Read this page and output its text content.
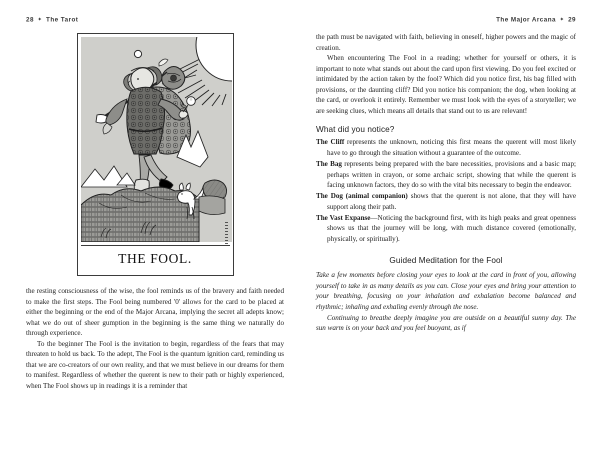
28 ✦ The Tarot
THE FOOL.

the resting consciousness of the wise, the fool reminds us of the bravery and faith needed to make the first steps. The Fool being numbered '0' allows for the card to be placed at either the beginning or the end of the Major Arcana, implying the secret all adepts know; what we do out of sheer gumption in the beginning is the same thing we naturally do through experience.

To the beginner The Fool is the invitation to begin, regardless of the fears that may threaten to hold us back. To the adept, The Fool is the quantum ignition card, reminding us that we are co-creators of our own reality, and that we must believe in our dreams for them to manifest. Regardless of whether the querent is new to their path or highly experienced, when The Fool shows up in readings it is a reminder that

The Major Arcana ✦ 29

the path must be navigated with faith, believing in oneself, higher powers and the magic of creation.

When encountering The Fool in a reading; whether for yourself or others, it is important to note what stands out about the card upon first viewing. Do you feel excited or intimidated by the action taken by the fool? Which did you notice first, his bag filled with provisions, or the daunting cliff? Did you notice his companion; the dog, when looking at the card, or overlook it entirely. Remember we must look with the eyes of a storyteller; we are seeking clues, which means all details that stand out to us are relevant!

What did you notice?
The Cliff represents the unknown, noticing this first means the querent will most likely have to go through the situation without a guarantee of the outcome.
The Bag represents being prepared with the bare necessities, provisions and a basic map; perhaps written in crayon, or some archaic script, showing that while the querent is facing unknown factors, they do so with the vital bits necessary to begin the endeavor.
The Dog (animal companion) shows that the querent is not alone, that they will have support along their path.
The Vast Expanse—Noticing the background first, with its high peaks and great openness shows us that the journey will be long, with much distance covered (emotionally, physically, or spiritually).
Guided Meditation for the Fool

Take a few moments before closing your eyes to look at the card in front of you, allowing yourself to take in as many details as you can. Close your eyes and bring your attention to your breathing, focusing on your inhalation and exhalation become balanced and rhythmic; inhaling and exhaling evenly through the nose.

Continuing to breathe deeply imagine you are outside on a beautiful sunny day. The sun warm is on your back and you feel buoyant, as if
